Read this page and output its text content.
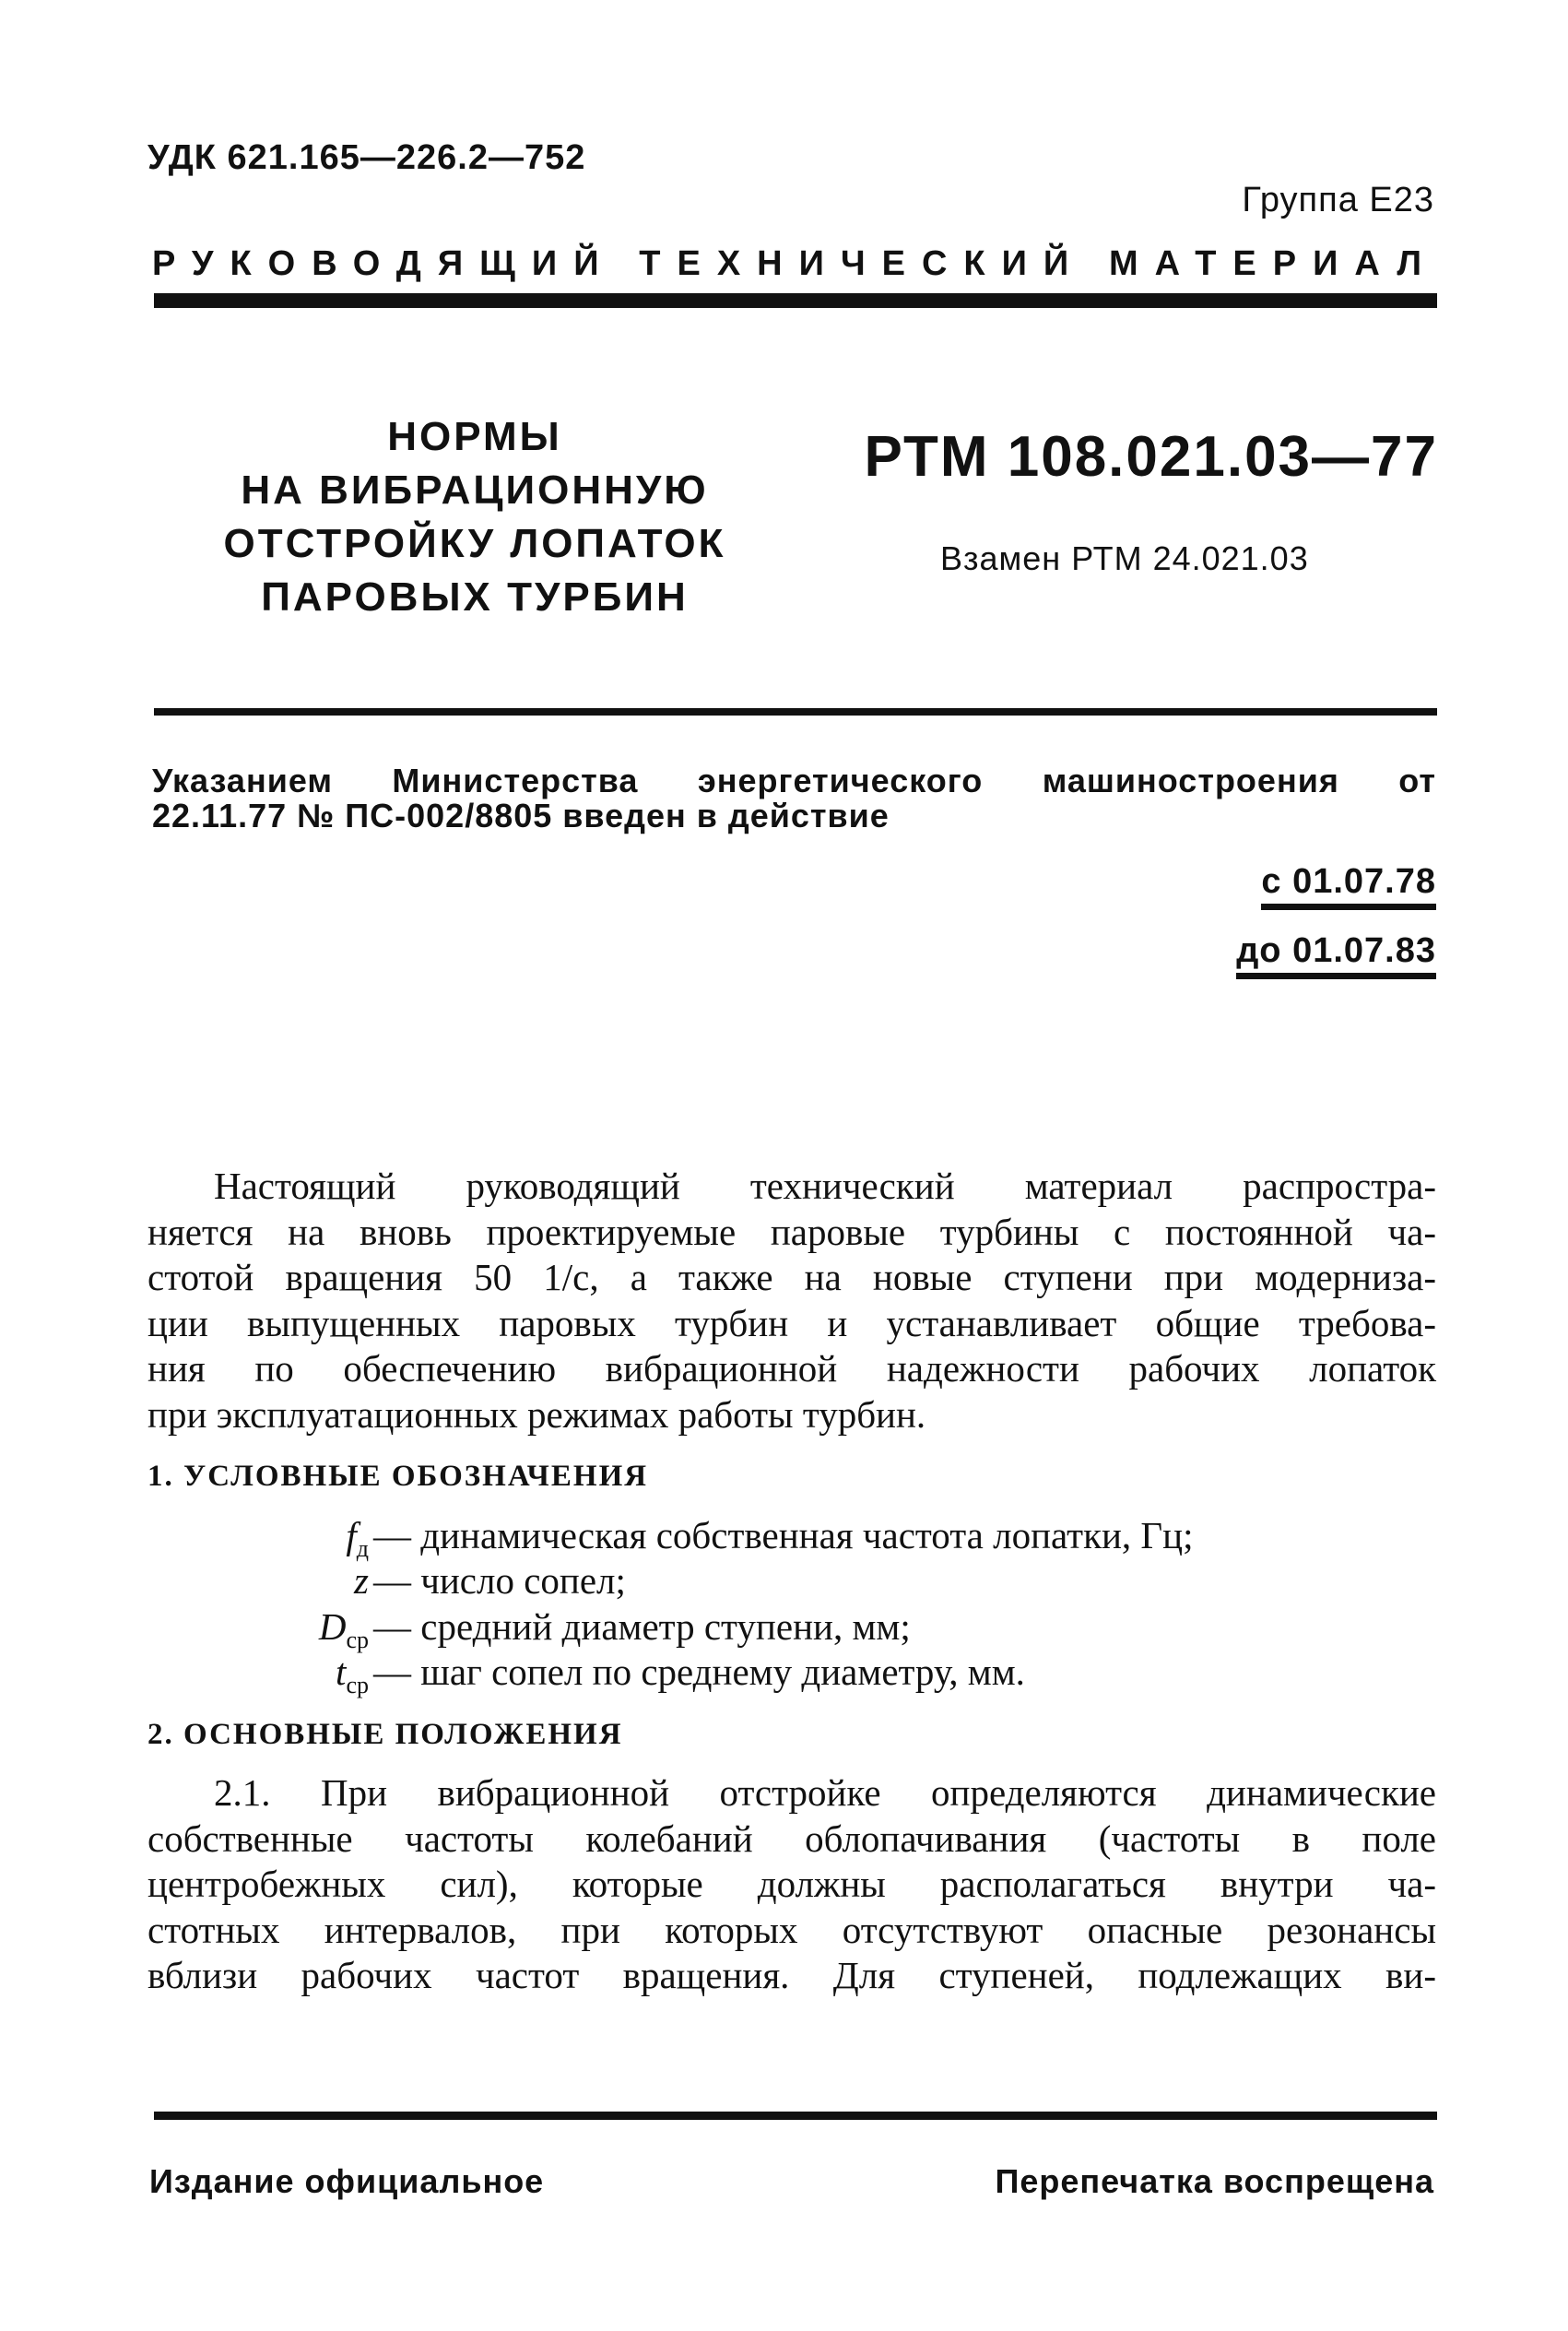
УДК 621.165—226.2—752
Группа Е23
РУКОВОДЯЩИЙ ТЕХНИЧЕСКИЙ МАТЕРИАЛ
НОРМЫ
НА ВИБРАЦИОННУЮ
ОТСТРОЙКУ ЛОПАТОК
ПАРОВЫХ ТУРБИН
РТМ 108.021.03—77
Взамен РТМ 24.021.03
Указанием Министерства энергетического машиностроения от
22.11.77 № ПС-002/8805 введен в действие
с 01.07.78
до 01.07.83

Настоящий руководящий технический материал распростра-

няется на вновь проектируемые паровые турбины с постоянной ча-

стотой вращения 50 1/с, а также на новые ступени при модерниза-

ции выпущенных паровых турбин и устанавливает общие требова-

ния по обеспечению вибрационной надежности рабочих лопаток

при эксплуатационных режимах работы турбин.

1. УСЛОВНЫЕ ОБОЗНАЧЕНИЯ

$f_д$ — динамическая собственная частота лопатки, Гц;
z — число сопел;
$D_{ср}$ — средний диаметр ступени, мм;
$t_{ср}$ — шаг сопел по среднему диаметру, мм.

2. ОСНОВНЫЕ ПОЛОЖЕНИЯ

2.1. При вибрационной отстройке определяются динамические

собственные частоты колебаний облопачивания (частоты в поле

центробежных сил), которые должны располагаться внутри ча-

стотных интервалов, при которых отсутствуют опасные резонансы

вблизи рабочих частот вращения. Для ступеней, подлежащих ви-

Издание официальное	Перепечатка воспрещена
